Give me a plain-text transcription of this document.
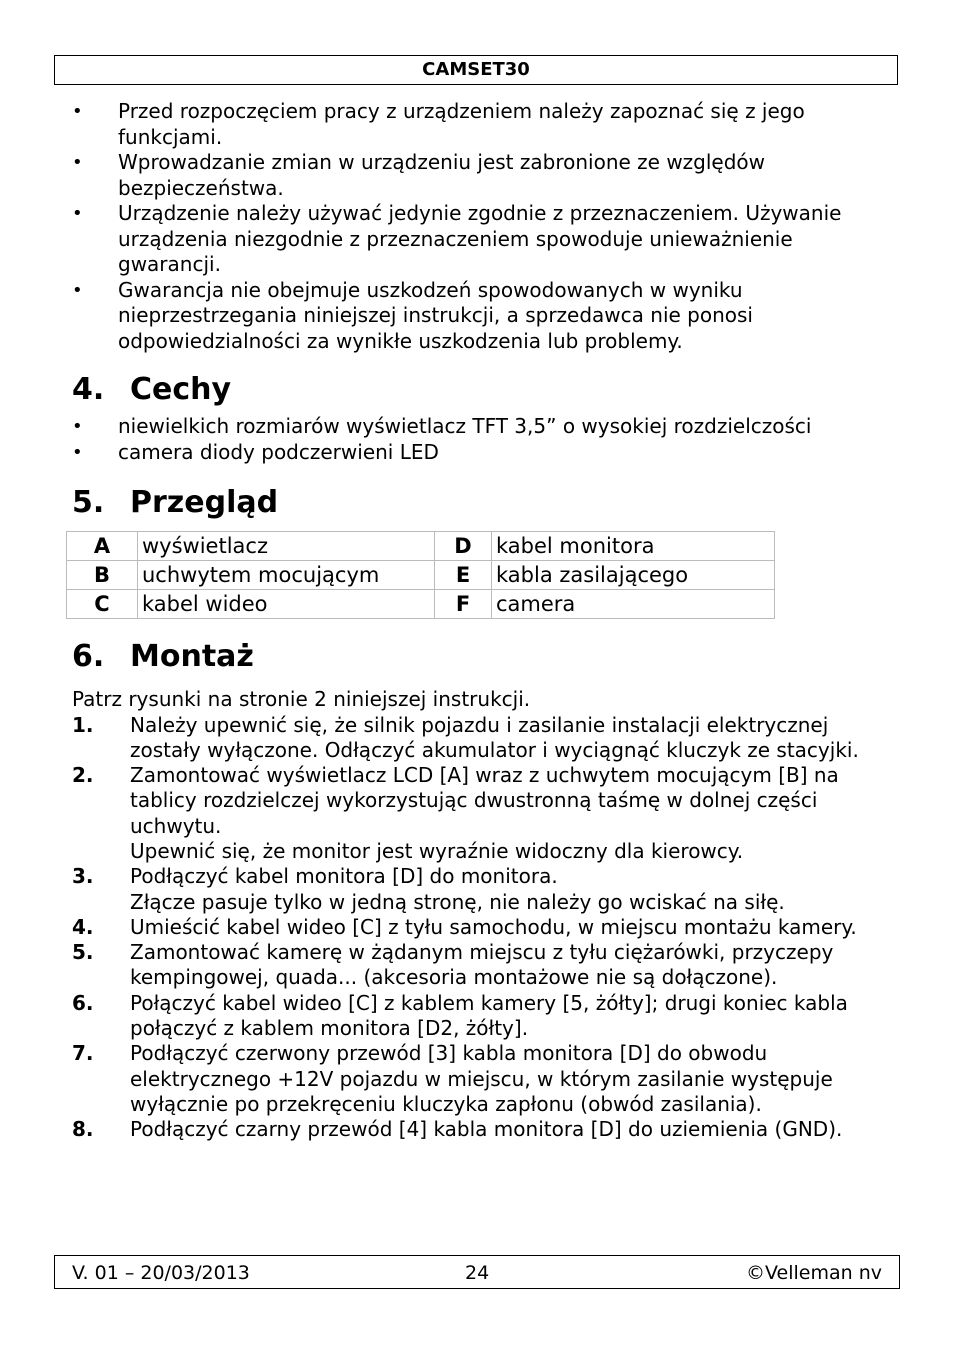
CAMSET30
• Przed rozpoczęciem pracy z urządzeniem należy zapoznać się z jego funkcjami.
• Wprowadzanie zmian w urządzeniu jest zabronione ze względów bezpieczeństwa.
• Urządzenie należy używać jedynie zgodnie z przeznaczeniem. Używanie urządzenia niezgodnie z przeznaczeniem spowoduje unieważnienie gwarancji.
• Gwarancja nie obejmuje uszkodzeń spowodowanych w wyniku nieprzestrzegania niniejszej instrukcji, a sprzedawca nie ponosi odpowiedzialności za wynikłe uszkodzenia lub problemy.
4. Cechy
• niewielkich rozmiarów wyświetlacz TFT 3,5” o wysokiej rozdzielczości
• camera diody podczerwieni LED
5. Przegląd
A	wyświetlacz	D	kabel monitora
B	uchwytem mocującym	E	kabla zasilającego
C	kabel wideo	F	camera
6. Montaż
Patrz rysunki na stronie 2 niniejszej instrukcji.
1. Należy upewnić się, że silnik pojazdu i zasilanie instalacji elektrycznej zostały wyłączone. Odłączyć akumulator i wyciągnąć kluczyk ze stacyjki.
2. Zamontować wyświetlacz LCD [A] wraz z uchwytem mocującym [B] na tablicy rozdzielczej wykorzystując dwustronną taśmę w dolnej części uchwytu.
Upewnić się, że monitor jest wyraźnie widoczny dla kierowcy.
3. Podłączyć kabel monitora [D] do monitora.
Złącze pasuje tylko w jedną stronę, nie należy go wciskać na siłę.
4. Umieścić kabel wideo [C] z tyłu samochodu, w miejscu montażu kamery.
5. Zamontować kamerę w żądanym miejscu z tyłu ciężarówki, przyczepy kempingowej, quada... (akcesoria montażowe nie są dołączone).
6. Połączyć kabel wideo [C] z kablem kamery [5, żółty]; drugi koniec kabla połączyć z kablem monitora [D2, żółty].
7. Podłączyć czerwony przewód [3] kabla monitora [D] do obwodu elektrycznego +12V pojazdu w miejscu, w którym zasilanie występuje wyłącznie po przekręceniu kluczyka zapłonu (obwód zasilania).
8. Podłączyć czarny przewód [4] kabla monitora [D] do uziemienia (GND).
V. 01 – 20/03/2013	24	©Velleman nv
